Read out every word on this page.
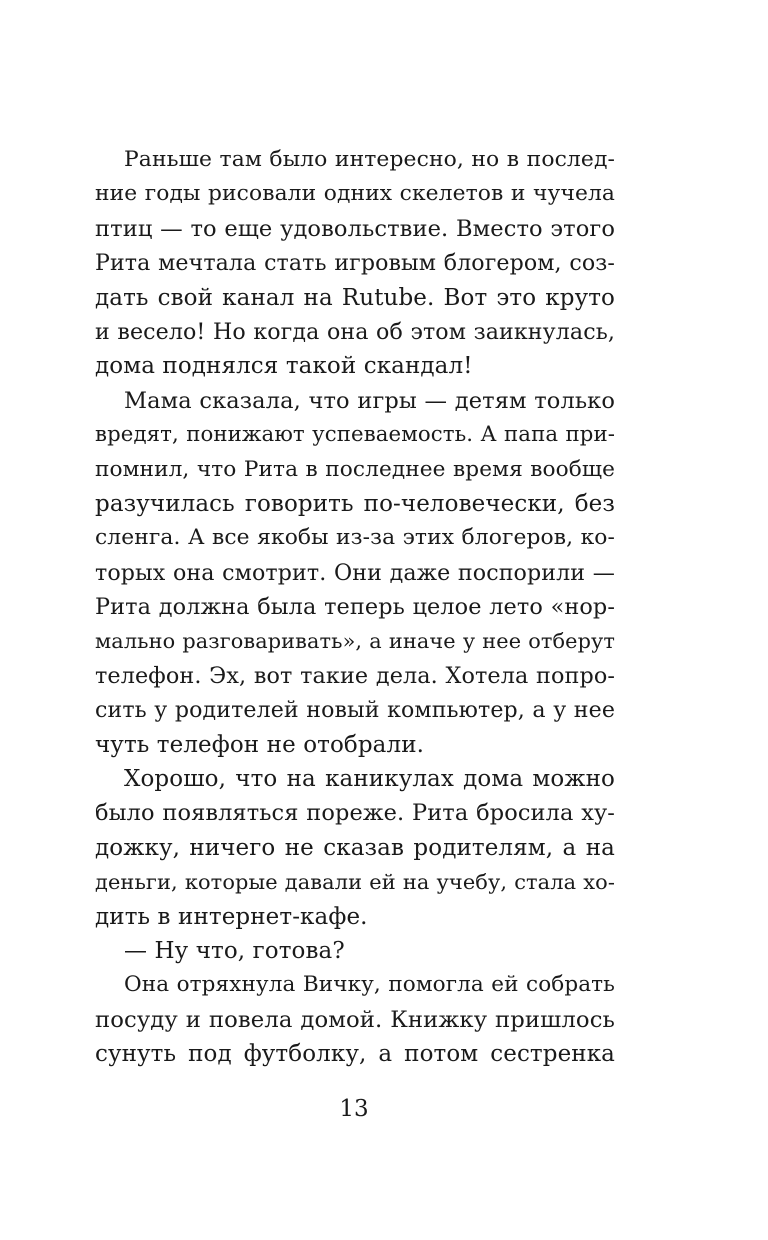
Раньше там было интересно, но в послед-
ние годы рисовали одних скелетов и чучела
птиц — то еще удовольствие. Вместо этого
Рита мечтала стать игровым блогером, соз-
дать свой канал на Rutube. Вот это круто
и весело! Но когда она об этом заикнулась,
дома поднялся такой скандал!
Мама сказала, что игры — детям только
вредят, понижают успеваемость. А папа при-
помнил, что Рита в последнее время вообще
разучилась говорить по-человечески, без
сленга. А все якобы из-за этих блогеров, ко-
торых она смотрит. Они даже поспорили —
Рита должна была теперь целое лето «нор-
мально разговаривать», а иначе у нее отберут
телефон. Эх, вот такие дела. Хотела попро-
сить у родителей новый компьютер, а у нее
чуть телефон не отобрали.
Хорошо, что на каникулах дома можно
было появляться пореже. Рита бросила ху-
дожку, ничего не сказав родителям, а на
деньги, которые давали ей на учебу, стала хо-
дить в интернет-кафе.
— Ну что, готова?
Она отряхнула Вичку, помогла ей собрать
посуду и повела домой. Книжку пришлось
сунуть под футболку, а потом сестренка
13
